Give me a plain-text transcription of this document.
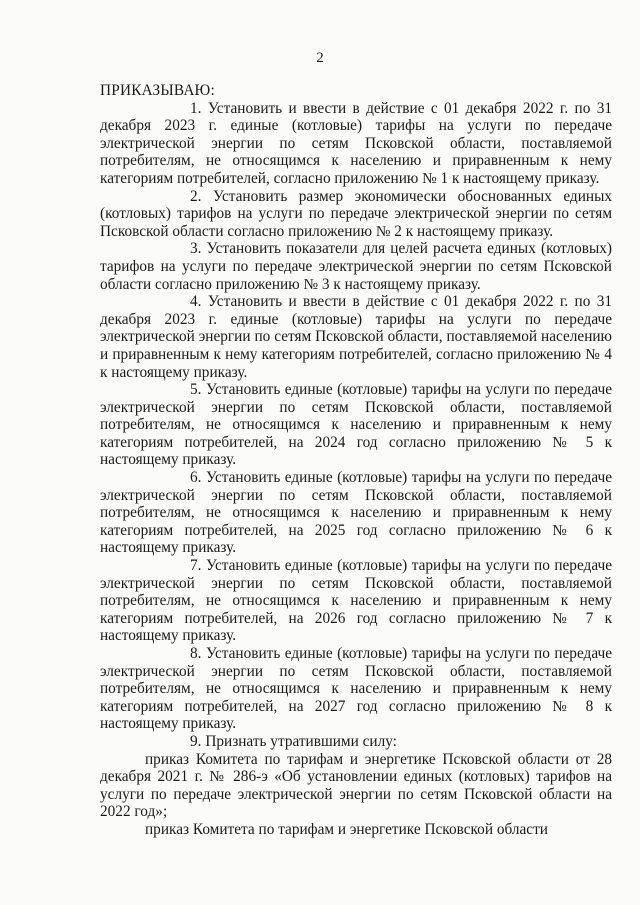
2

ПРИКАЗЫВАЮ:

1. Установить и ввести в действие с 01 декабря 2022 г. по 31 декабря 2023 г. единые (котловые) тарифы на услуги по передаче электрической энергии по сетям Псковской области, поставляемой потребителям, не относящимся к населению и приравненным к нему категориям потребителей, согласно приложению № 1 к настоящему приказу.

2. Установить размер экономически обоснованных единых (котловых) тарифов на услуги по передаче электрической энергии по сетям Псковской области согласно приложению № 2 к настоящему приказу.

3. Установить показатели для целей расчета единых (котловых) тарифов на услуги по передаче электрической энергии по сетям Псковской области согласно приложению № 3 к настоящему приказу.

4. Установить и ввести в действие с 01 декабря 2022 г. по 31 декабря 2023 г. единые (котловые) тарифы на услуги по передаче электрической энергии по сетям Псковской области, поставляемой населению и приравненным к нему категориям потребителей, согласно приложению № 4 к настоящему приказу.

5. Установить единые (котловые) тарифы на услуги по передаче электрической энергии по сетям Псковской области, поставляемой потребителям, не относящимся к населению и приравненным к нему категориям потребителей, на 2024 год согласно приложению № 5 к настоящему приказу.

6. Установить единые (котловые) тарифы на услуги по передаче электрической энергии по сетям Псковской области, поставляемой потребителям, не относящимся к населению и приравненным к нему категориям потребителей, на 2025 год согласно приложению № 6 к настоящему приказу.

7. Установить единые (котловые) тарифы на услуги по передаче электрической энергии по сетям Псковской области, поставляемой потребителям, не относящимся к населению и приравненным к нему категориям потребителей, на 2026 год согласно приложению № 7 к настоящему приказу.

8. Установить единые (котловые) тарифы на услуги по передаче электрической энергии по сетям Псковской области, поставляемой потребителям, не относящимся к населению и приравненным к нему категориям потребителей, на 2027 год согласно приложению № 8 к настоящему приказу.

9. Признать утратившими силу:

приказ Комитета по тарифам и энергетике Псковской области от 28 декабря 2021 г. № 286-э «Об установлении единых (котловых) тарифов на услуги по передаче электрической энергии по сетям Псковской области на 2022 год»;

приказ Комитета по тарифам и энергетике Псковской области
